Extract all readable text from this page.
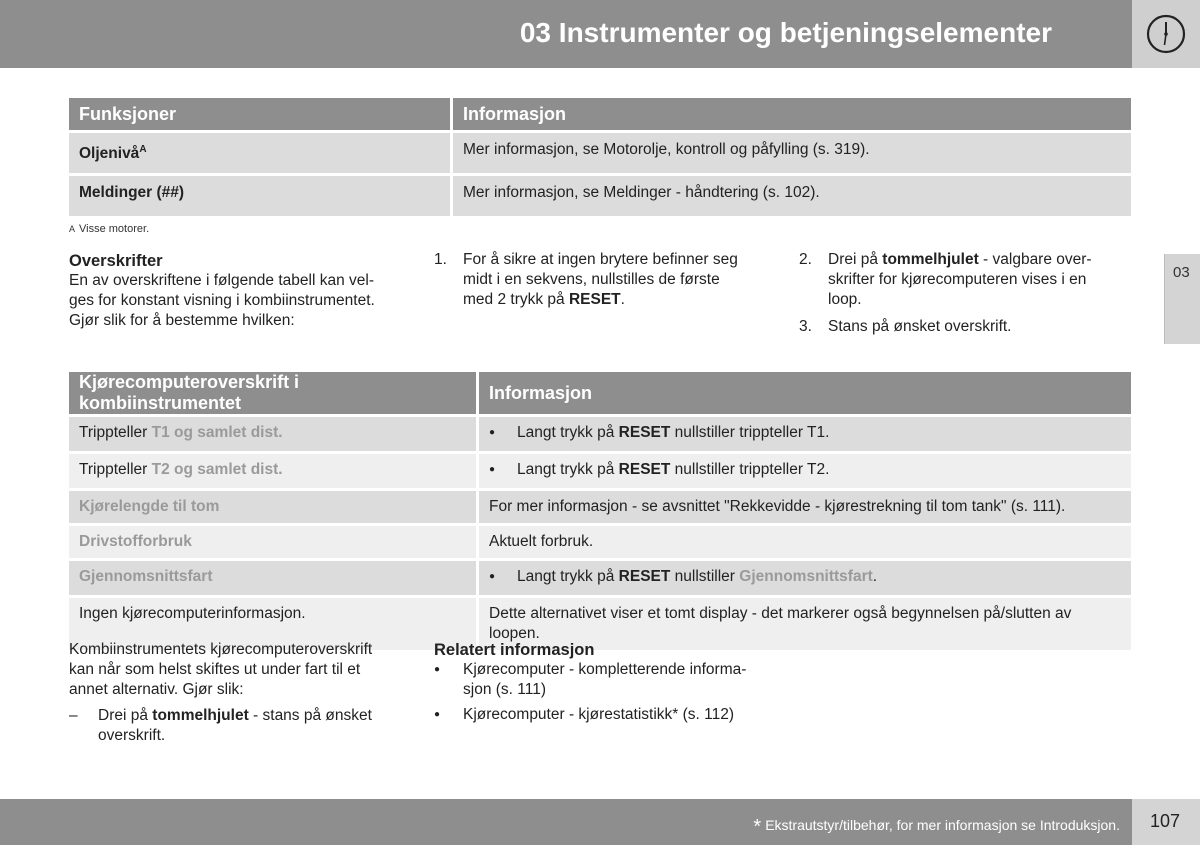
03 Instrumenter og betjeningselementer
03
Funksjoner	Informasjon
Oljenivå$^A$	Mer informasjon, se Motorolje, kontroll og påfylling (s. 319).
Meldinger (##)	Mer informasjon, se Meldinger - håndtering (s. 102).
A Visse motorer.
Overskrifter
En av overskriftene i følgende tabell kan vel-
ges for konstant visning i kombiinstrumentet.
Gjør slik for å bestemme hvilken:
1. For å sikre at ingen brytere befinner seg
midt i en sekvens, nullstilles de første
med 2 trykk på RESET.
2. Drei på tommelhjulet - valgbare over-
skrifter for kjørecomputeren vises i en
loop.
3. Stans på ønsket overskrift.
Kjørecomputeroverskrift i kombiinstrumentet	Informasjon
Trippteller T1 og samlet dist.	●Langt trykk på RESET nullstiller trippteller T1.
Trippteller T2 og samlet dist.	●Langt trykk på RESET nullstiller trippteller T2.
Kjørelengde til tom	For mer informasjon - se avsnittet "Rekkevidde - kjørestrekning til tom tank" (s. 111).
Drivstofforbruk	Aktuelt forbruk.
Gjennomsnittsfart	●Langt trykk på RESET nullstiller Gjennomsnittsfart.
Ingen kjørecomputerinformasjon.	Dette alternativet viser et tomt display - det markerer også begynnelsen på/slutten av
loopen.
Kombiinstrumentets kjørecomputeroverskrift
kan når som helst skiftes ut under fart til et
annet alternativ. Gjør slik:
– Drei på tommelhjulet - stans på ønsket
overskrift.
Relatert informasjon
● Kjørecomputer - kompletterende informa-
sjon (s. 111)
● Kjørecomputer - kjørestatistikk* (s. 112)
* Ekstrautstyr/tilbehør, for mer informasjon se Introduksjon. 107
